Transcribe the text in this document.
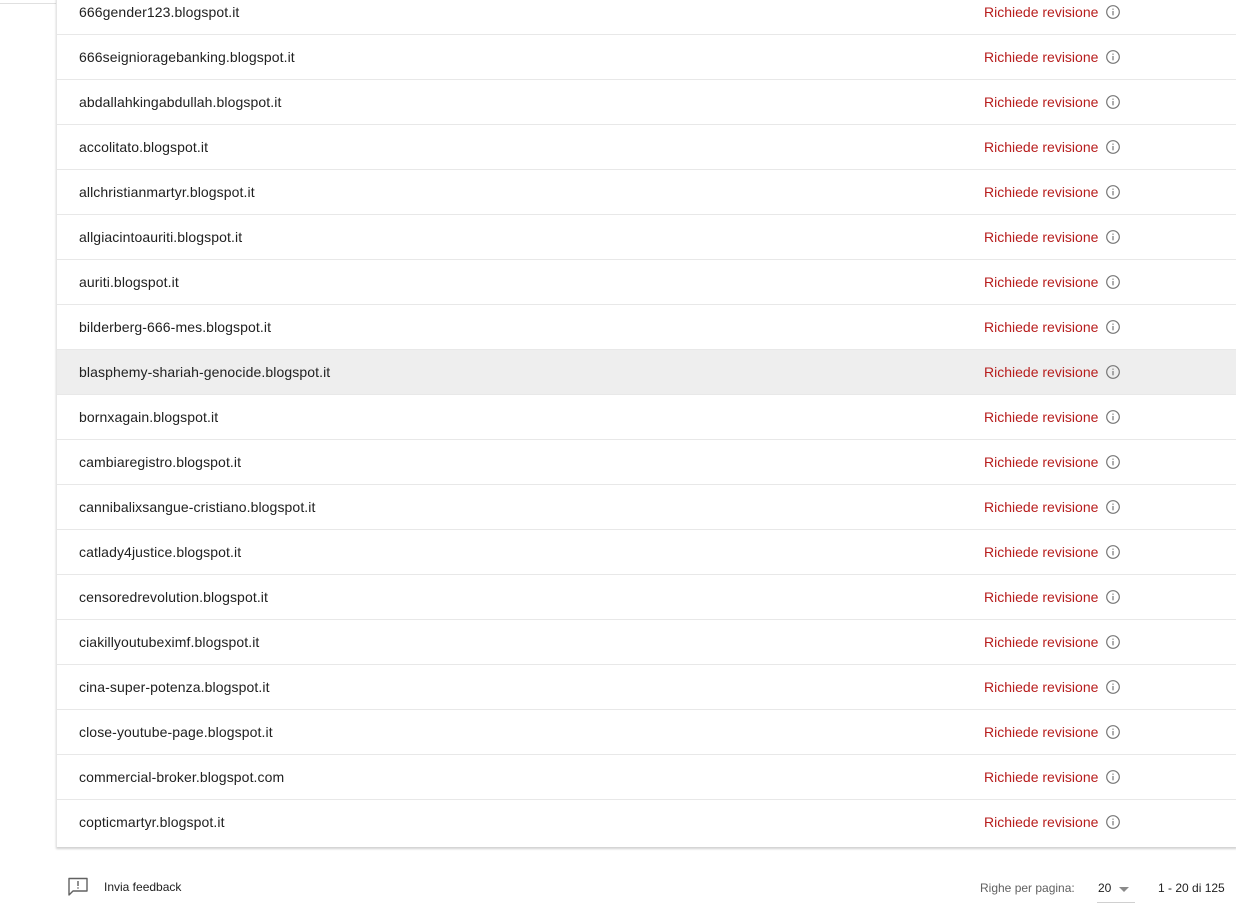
666gender123.blogspot.it	Richiede revisione
666seignioragebanking.blogspot.it	Richiede revisione
abdallahkingabdullah.blogspot.it	Richiede revisione
accolitato.blogspot.it	Richiede revisione
allchristianmartyr.blogspot.it	Richiede revisione
allgiacintoauriti.blogspot.it	Richiede revisione
auriti.blogspot.it	Richiede revisione
bilderberg-666-mes.blogspot.it	Richiede revisione
blasphemy-shariah-genocide.blogspot.it	Richiede revisione
bornxagain.blogspot.it	Richiede revisione
cambiaregistro.blogspot.it	Richiede revisione
cannibalixsangue-cristiano.blogspot.it	Richiede revisione
catlady4justice.blogspot.it	Richiede revisione
censoredrevolution.blogspot.it	Richiede revisione
ciakillyoutubeximf.blogspot.it	Richiede revisione
cina-super-potenza.blogspot.it	Richiede revisione
close-youtube-page.blogspot.it	Richiede revisione
commercial-broker.blogspot.com	Richiede revisione
copticmartyr.blogspot.it	Richiede revisione
Invia feedback	Righe per pagina: 20	1 - 20 di 125
